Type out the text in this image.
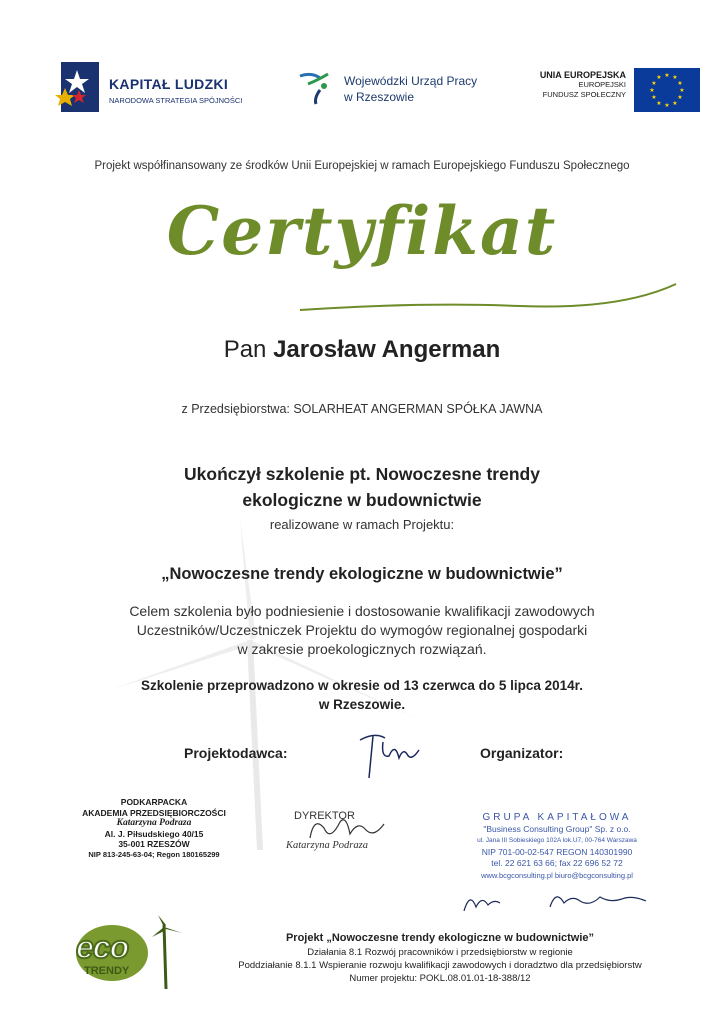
KAPITAŁ LUDZKI
NARODOWA STRATEGIA SPÓJNOŚCI
Wojewódzki Urząd Pracy
w Rzeszowie
UNIA EUROPEJSKA
EUROPEJSKI
FUNDUSZ SPOŁECZNY
★ ★
★
★
★
★
★
★
★
★
★
★
Projekt współfinansowany ze środków Unii Europejskiej w ramach Europejskiego Funduszu Społecznego
Certyfikat
Pan Jarosław Angerman
z Przedsiębiorstwa: SOLARHEAT ANGERMAN SPÓŁKA JAWNA
Ukończył szkolenie pt. Nowoczesne trendy
ekologiczne w budownictwie
realizowane w ramach Projektu:
„Nowoczesne trendy ekologiczne w budownictwie”
Celem szkolenia było podniesienie i dostosowanie kwalifikacji zawodowych
Uczestników/Uczestniczek Projektu do wymogów regionalnej gospodarki
w zakresie proekologicznych rozwiązań.
Szkolenie przeprowadzono w okresie od 13 czerwca do 5 lipca 2014r.
w Rzeszowie.
Projektodawca:	Organizator:
PODKARPACKA
AKADEMIA PRZEDSIĘBIORCZOŚCI
Katarzyna Podraza
Al. J. Piłsudskiego 40/15
35-001 RZESZÓW
NIP 813-245-63-04; Regon 180165299
DYREKTOR
Katarzyna Podraza
GRUPA KAPITAŁOWA
"Business Consulting Group" Sp. z o.o.
ul. Jana III Sobieskiego 102A lok.U7, 00-764 Warszawa
NIP 701-00-02-547 REGON 140301990
tel. 22 621 63 66; fax 22 696 52 72
www.bcgconsulting.pl biuro@bcgconsulting.pl
eco
TRENDY
Projekt „Nowoczesne trendy ekologiczne w budownictwie”
Działania 8.1 Rozwój pracowników i przedsiębiorstw w regionie
Poddziałanie 8.1.1 Wspieranie rozwoju kwalifikacji zawodowych i doradztwo dla przedsiębiorstw
Numer projektu: POKL.08.01.01-18-388/12
